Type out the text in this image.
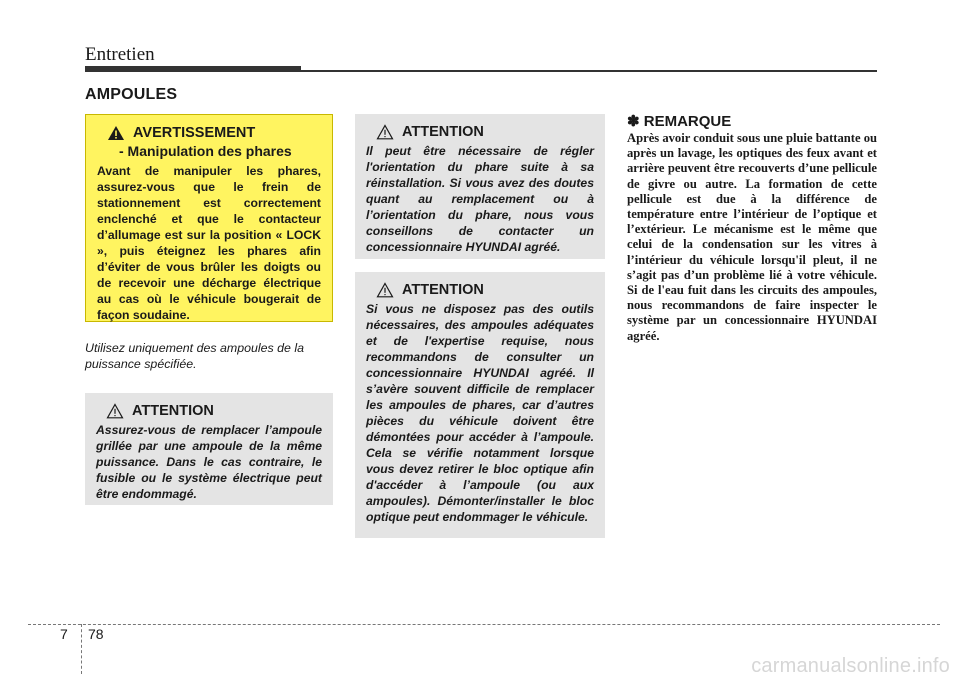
Entretien
AMPOULES
AVERTISSEMENT
- Manipulation des phares
Avant de manipuler les phares, assurez-vous que le frein de stationnement est correctement enclenché et que le contacteur d’allumage est sur la position « LOCK », puis éteignez les phares afin d’éviter de vous brûler les doigts ou de recevoir une décharge électrique au cas où le véhicule bougerait de façon soudaine.
Utilisez uniquement des ampoules de la puissance spécifiée.
ATTENTION
Assurez-vous de remplacer l’ampoule grillée par une ampoule de la même puissance. Dans le cas contraire, le fusible ou le système électrique peut être endommagé.
ATTENTION
Il peut être nécessaire de régler l'orientation du phare suite à sa réinstallation. Si vous avez des doutes quant au remplacement ou à l’orientation du phare, nous vous conseillons de contacter un concessionnaire HYUNDAI agréé.
ATTENTION
Si vous ne disposez pas des outils nécessaires, des ampoules adéquates et de l'expertise requise, nous recommandons de consulter un concessionnaire HYUNDAI agréé. Il s’avère souvent difficile de remplacer les ampoules de phares, car d’autres pièces du véhicule doivent être démontées pour accéder à l’ampoule. Cela se vérifie notamment lorsque vous devez retirer le bloc optique afin d'accéder à l’ampoule (ou aux ampoules). Démonter/installer le bloc optique peut endommager le véhicule.
✽ REMARQUE
Après avoir conduit sous une pluie battante ou après un lavage, les optiques des feux avant et arrière peuvent être recouverts d’une pellicule de givre ou autre. La formation de cette pellicule est due à la différence de température entre l’intérieur de l’optique et l’extérieur. Le mécanisme est le même que celui de la condensation sur les vitres à l’intérieur du véhicule lorsqu'il pleut, il ne s’agit pas d’un problème lié à votre véhicule. Si de l'eau fuit dans les circuits des ampoules, nous recommandons de faire inspecter le système par un concessionnaire HYUNDAI agréé.
7 78
carmanualsonline.info
